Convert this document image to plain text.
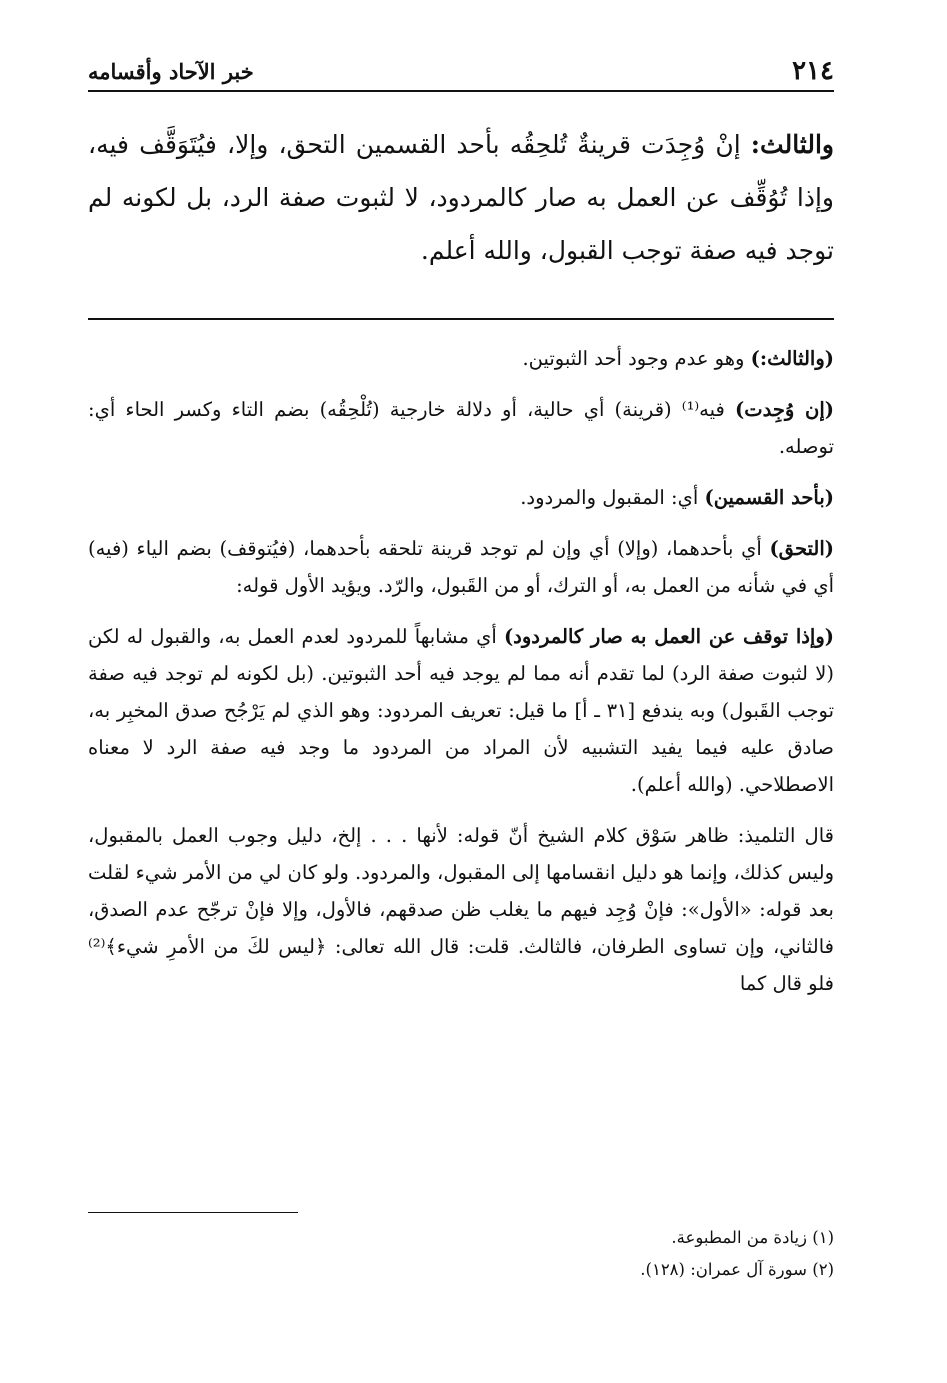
٢١٤
خبر الآحاد وأقسامه

والثالث: إنْ وُجِدَت قرينةٌ تُلحِقُه بأحد القسمين التحق، وإلا، فيُتَوَقَّف فيه، وإذا تُوُقِّف عن العمل به صار كالمردود، لا لثبوت صفة الرد، بل لكونه لم توجد فيه صفة توجب القبول، والله أعلم.

(والثالث:) وهو عدم وجود أحد الثبوتين.

(إن وُجِدت) فيه⁽¹⁾ (قرينة) أي حالية، أو دلالة خارجية (تُلْحِقُه) بضم التاء وكسر الحاء أي: توصله.

(بأحد القسمين) أي: المقبول والمردود.

(التحق) أي بأحدهما، (وإلا) أي وإن لم توجد قرينة تلحقه بأحدهما، (فيُتوقف) بضم الياء (فيه) أي في شأنه من العمل به، أو الترك، أو من القَبول، والرّد. ويؤيد الأول قوله:

(وإذا توقف عن العمل به صار كالمردود) أي مشابهاً للمردود لعدم العمل به، والقبول له لكن (لا لثبوت صفة الرد) لما تقدم أنه مما لم يوجد فيه أحد الثبوتين. (بل لكونه لم توجد فيه صفة توجب القَبول) وبه يندفع [٣١ ـ أ] ما قيل: تعريف المردود: وهو الذي لم يَرْجُح صدق المخبِر به، صادق عليه فيما يفيد التشبيه لأن المراد من المردود ما وجد فيه صفة الرد لا معناه الاصطلاحي. (والله أعلم).

قال التلميذ: ظاهر سَوْق كلام الشيخ أنّ قوله: لأنها . . . إلخ، دليل وجوب العمل بالمقبول، وليس كذلك، وإنما هو دليل انقسامها إلى المقبول، والمردود. ولو كان لي من الأمر شيء لقلت بعد قوله: «الأول»: فإنْ وُجِد فيهم ما يغلب ظن صدقهم، فالأول، وإلا فإنْ ترجّح عدم الصدق، فالثاني، وإن تساوى الطرفان، فالثالث. قلت: قال الله تعالى: ﴿ليس لكَ من الأمرِ شيء﴾⁽²⁾ فلو قال كما

(١) زيادة من المطبوعة.

(٢) سورة آل عمران: (١٢٨).
